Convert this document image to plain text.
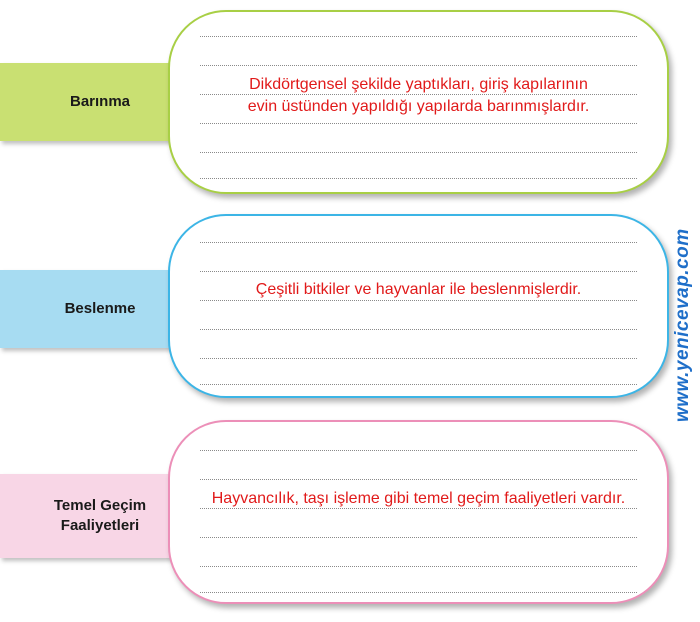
Barınma
Dikdörtgensel şekilde yaptıkları, giriş kapılarının
evin üstünden yapıldığı yapılarda barınmışlardır.
Beslenme
Çeşitli bitkiler ve hayvanlar ile beslenmişlerdir.
Temel Geçim
Faaliyetleri
Hayvancılık, taşı işleme gibi temel geçim faaliyetleri vardır.
www.yenicevap.com
